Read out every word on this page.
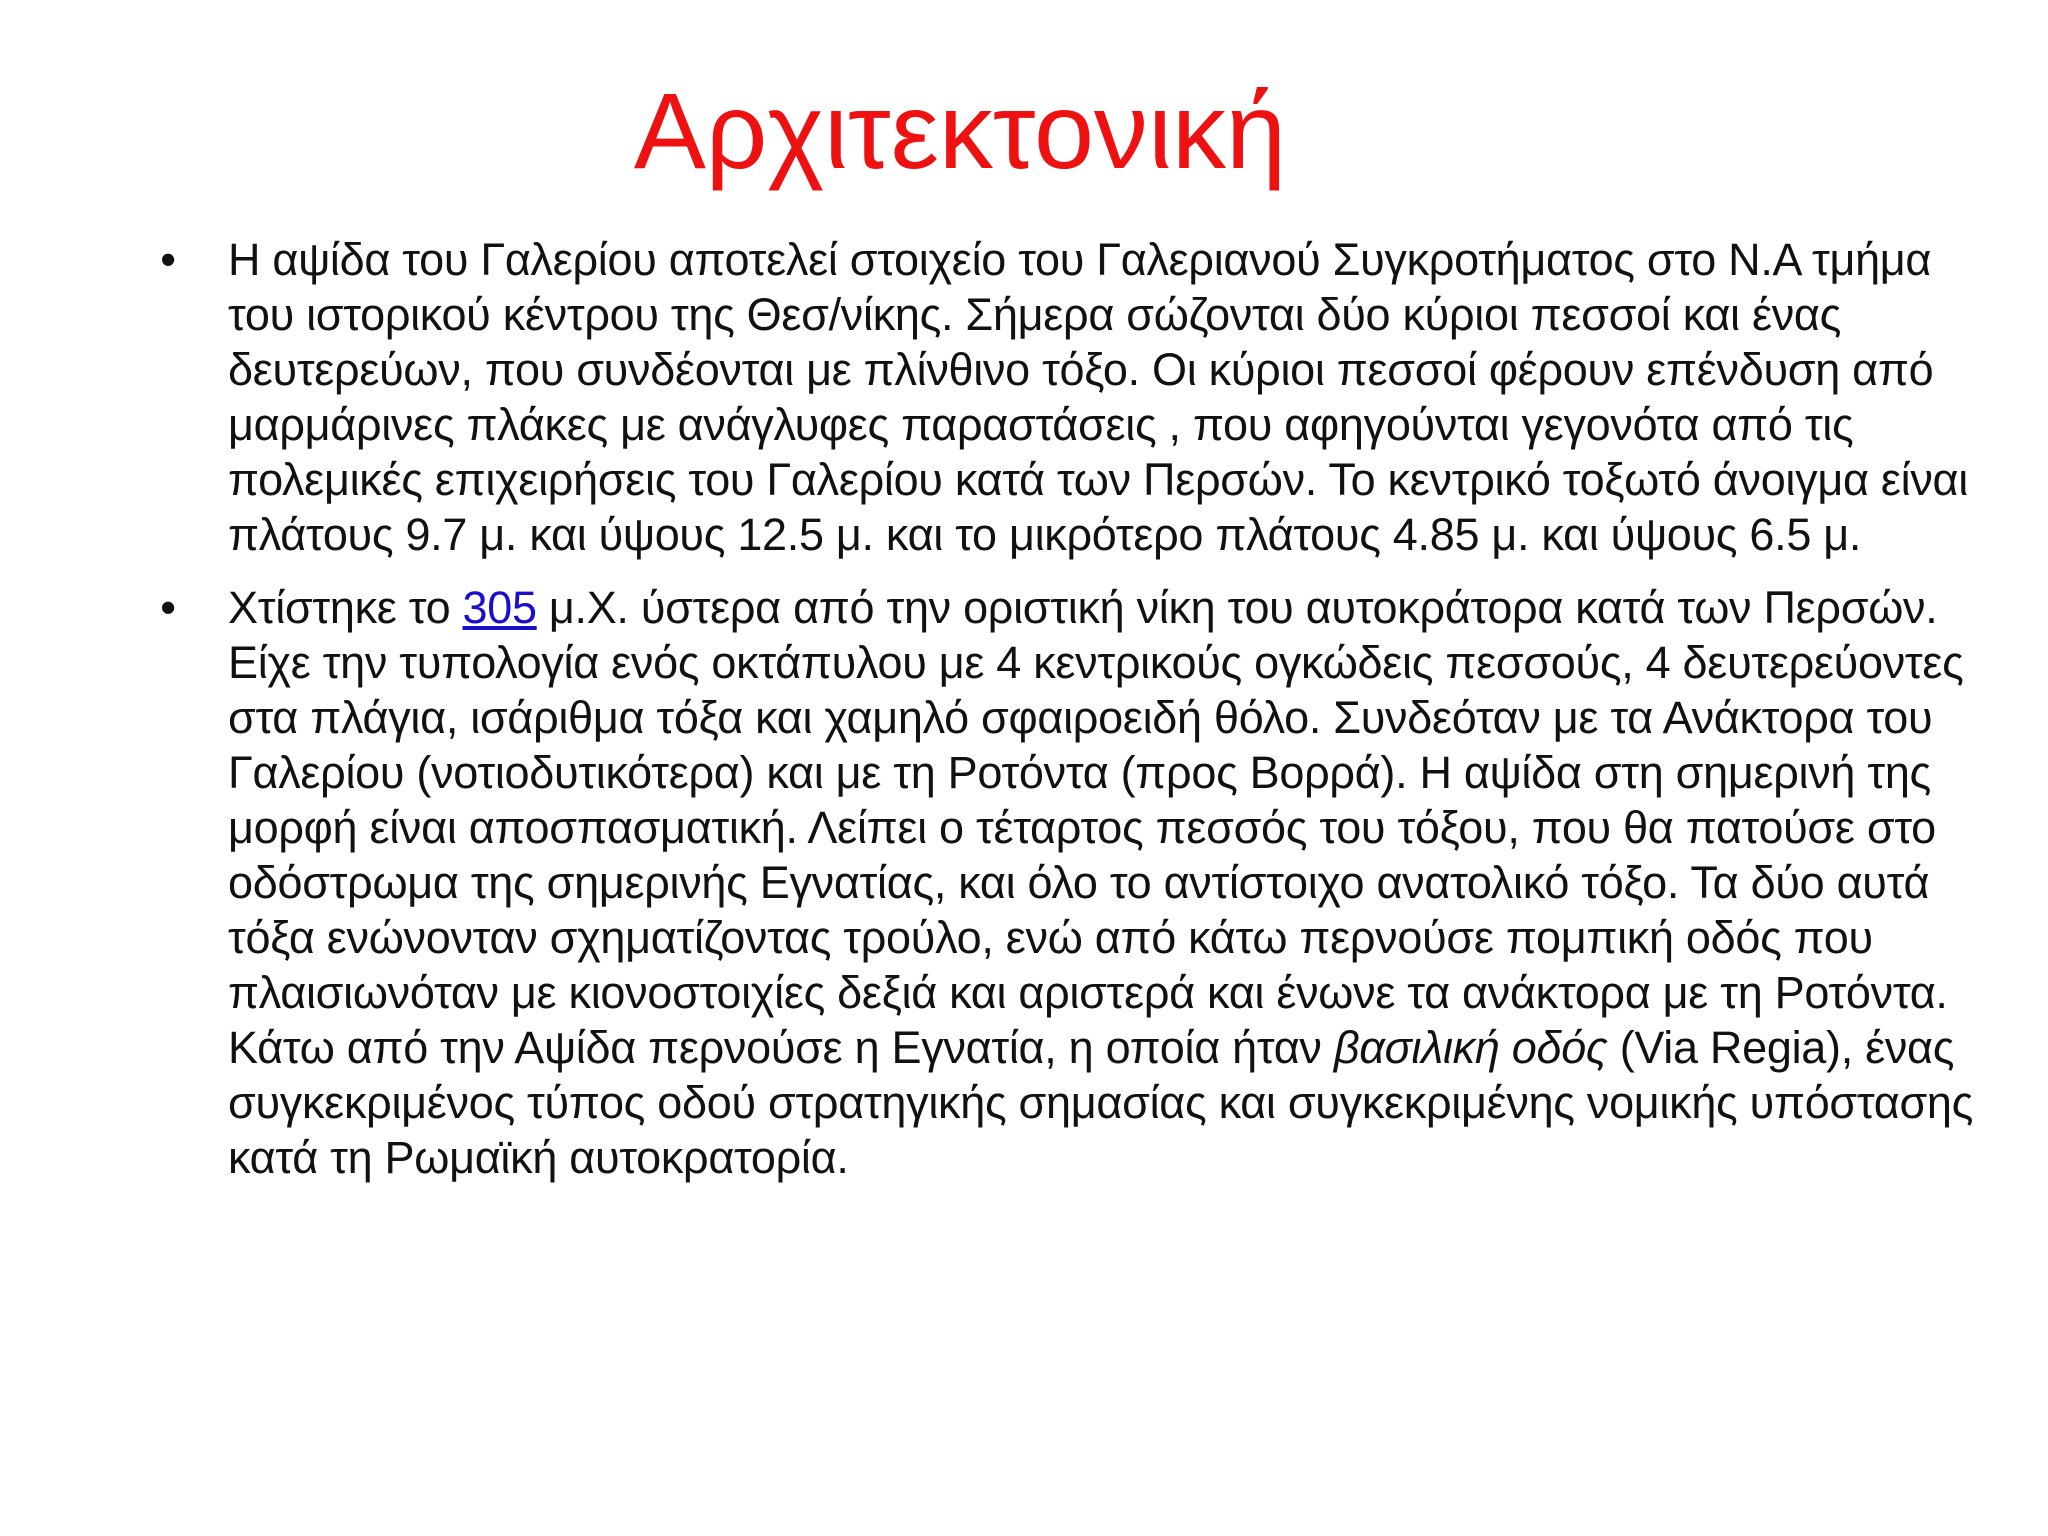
Αρχιτεκτονική
• Η αψίδα του Γαλερίου αποτελεί στοιχείο του Γαλεριανού Συγκροτήματος στο Ν.Α τμήμα του ιστορικού κέντρου της Θεσ/νίκης. Σήμερα σώζονται δύο κύριοι πεσσοί και ένας δευτερεύων, που συνδέονται με πλίνθινο τόξο. Οι κύριοι πεσσοί φέρουν επένδυση από μαρμάρινες πλάκες με ανάγλυφες παραστάσεις , που αφηγούνται γεγονότα από τις πολεμικές επιχειρήσεις του Γαλερίου κατά των Περσών. Το κεντρικό τοξωτό άνοιγμα είναι πλάτους 9.7 μ. και ύψους 12.5 μ. και το μικρότερο πλάτους 4.85 μ. και ύψους 6.5 μ.
• Χτίστηκε το 305 μ.Χ. ύστερα από την οριστική νίκη του αυτοκράτορα κατά των Περσών. Είχε την τυπολογία ενός οκτάπυλου με 4 κεντρικούς ογκώδεις πεσσούς, 4 δευτερεύοντες στα πλάγια, ισάριθμα τόξα και χαμηλό σφαιροειδή θόλο. Συνδεόταν με τα Ανάκτορα του Γαλερίου (νοτιοδυτικότερα) και με τη Ροτόντα (προς Βορρά). Η αψίδα στη σημερινή της μορφή είναι αποσπασματική. Λείπει ο τέταρτος πεσσός του τόξου, που θα πατούσε στο οδόστρωμα της σημερινής Εγνατίας, και όλο το αντίστοιχο ανατολικό τόξο. Τα δύο αυτά τόξα ενώνονταν σχηματίζοντας τρούλο, ενώ από κάτω περνούσε πομπική οδός που πλαισιωνόταν με κιονοστοιχίες δεξιά και αριστερά και ένωνε τα ανάκτορα με τη Ροτόντα. Κάτω από την Αψίδα περνούσε η Εγνατία, η οποία ήταν βασιλική οδός (Via Regia), ένας συγκεκριμένος τύπος οδού στρατηγικής σημασίας και συγκεκριμένης νομικής υπόστασης κατά τη Ρωμαϊκή αυτοκρατορία.
